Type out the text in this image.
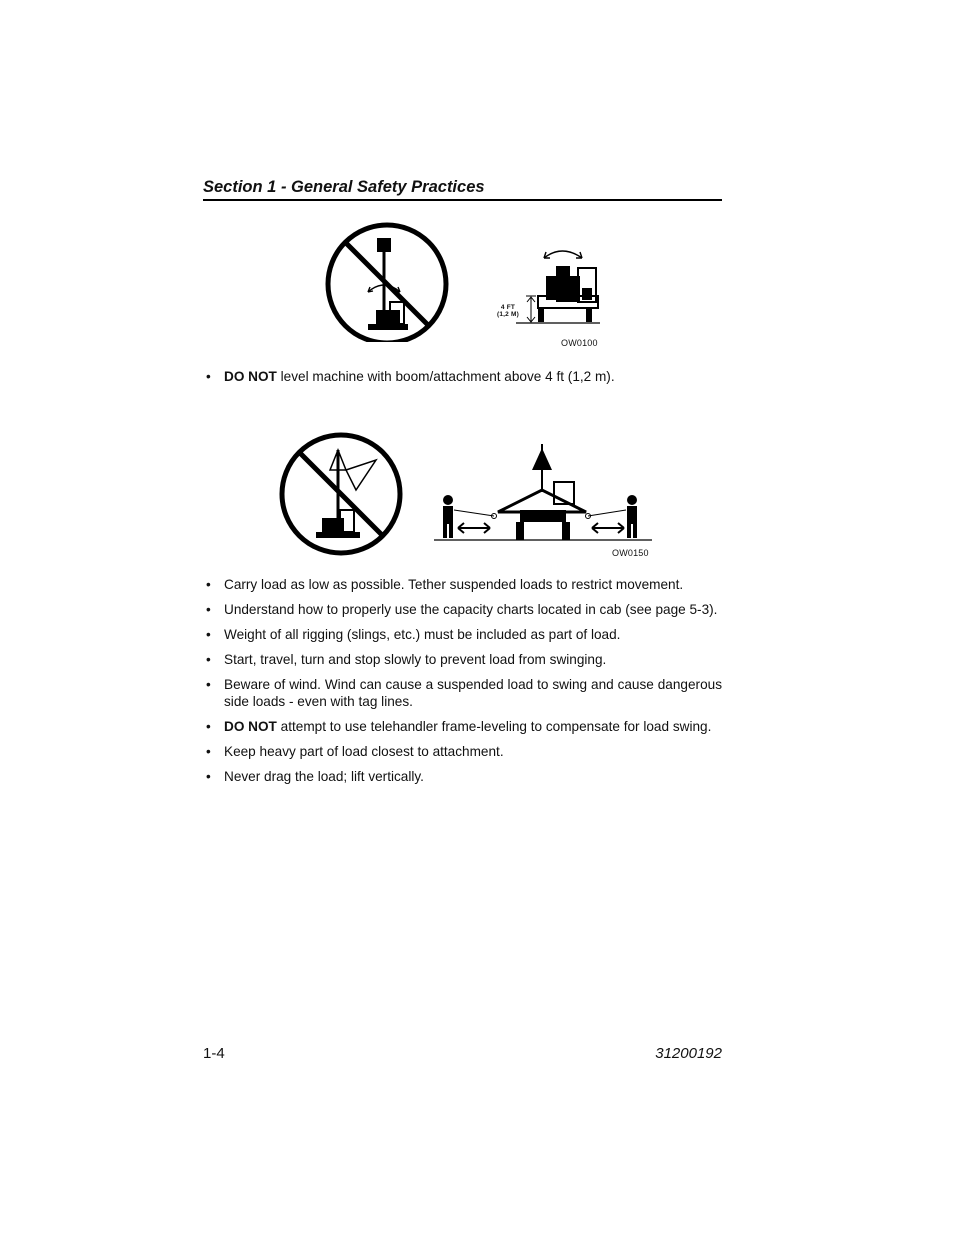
Section 1 - General Safety Practices
4 FT
(1,2 M)
OW0100
• DO NOT level machine with boom/attachment above 4 ft (1,2 m).
OW0150
• Carry load as low as possible. Tether suspended loads to restrict movement.
• Understand how to properly use the capacity charts located in cab (see page 5-3).
• Weight of all rigging (slings, etc.) must be included as part of load.
• Start, travel, turn and stop slowly to prevent load from swinging.
• Beware of wind. Wind can cause a suspended load to swing and cause dangerous side loads - even with tag lines.
• DO NOT attempt to use telehandler frame-leveling to compensate for load swing.
• Keep heavy part of load closest to attachment.
• Never drag the load; lift vertically.
1-4	31200192
